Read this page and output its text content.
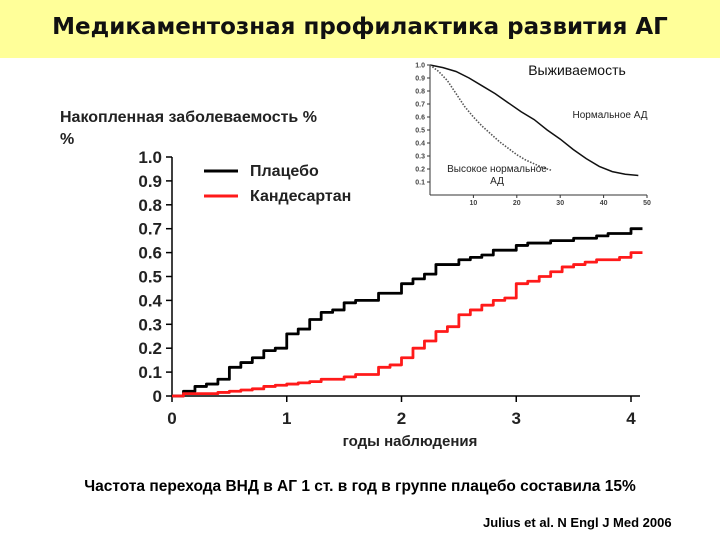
Медикаментозная профилактика развития АГ
Накопленная заболеваемость %
%
годы наблюдения
0
0.1
0.2
0.3
0.4
0.5
0.6
0.7
0.8
0.9
1.0
0	1	2	3	4
Плацебо
Кандесартан
Выживаемость
0.1
0.2
0.3
0.4
0.5
0.6
0.7
0.8
0.9
1.0
10	20	30	40	50
Нормальное АД
Высокое нормальное АД
Частота перехода ВНД в АГ 1 ст. в год в группе плацебо составила 15%
Julius et al. N Engl J Med 2006
